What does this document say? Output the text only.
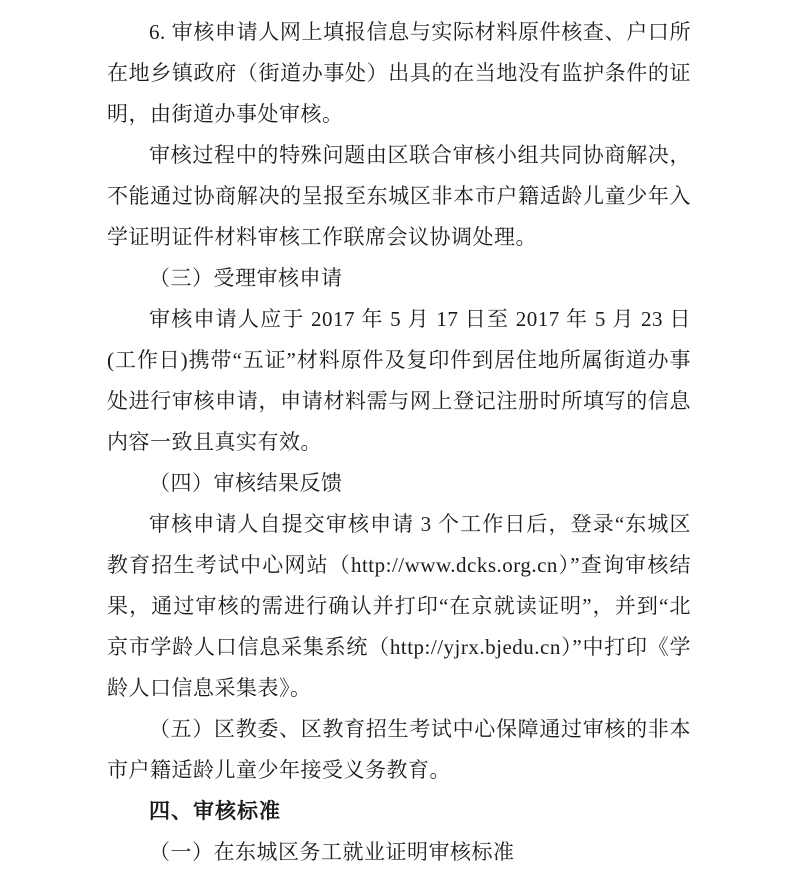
6. 审核申请人网上填报信息与实际材料原件核查、户口所在地乡镇政府（街道办事处）出具的在当地没有监护条件的证明，由街道办事处审核。

审核过程中的特殊问题由区联合审核小组共同协商解决，不能通过协商解决的呈报至东城区非本市户籍适龄儿童少年入学证明证件材料审核工作联席会议协调处理。

（三）受理审核申请

审核申请人应于 2017 年 5 月 17 日至 2017 年 5 月 23 日(工作日)携带“五证”材料原件及复印件到居住地所属街道办事处进行审核申请，申请材料需与网上登记注册时所填写的信息内容一致且真实有效。

（四）审核结果反馈

审核申请人自提交审核申请 3 个工作日后，登录“东城区教育招生考试中心网站（http://www.dcks.org.cn）”查询审核结果，通过审核的需进行确认并打印“在京就读证明”，并到“北京市学龄人口信息采集系统（http://yjrx.bjedu.cn）”中打印《学龄人口信息采集表》。

（五）区教委、区教育招生考试中心保障通过审核的非本市户籍适龄儿童少年接受义务教育。

四、审核标准

（一）在东城区务工就业证明审核标准
